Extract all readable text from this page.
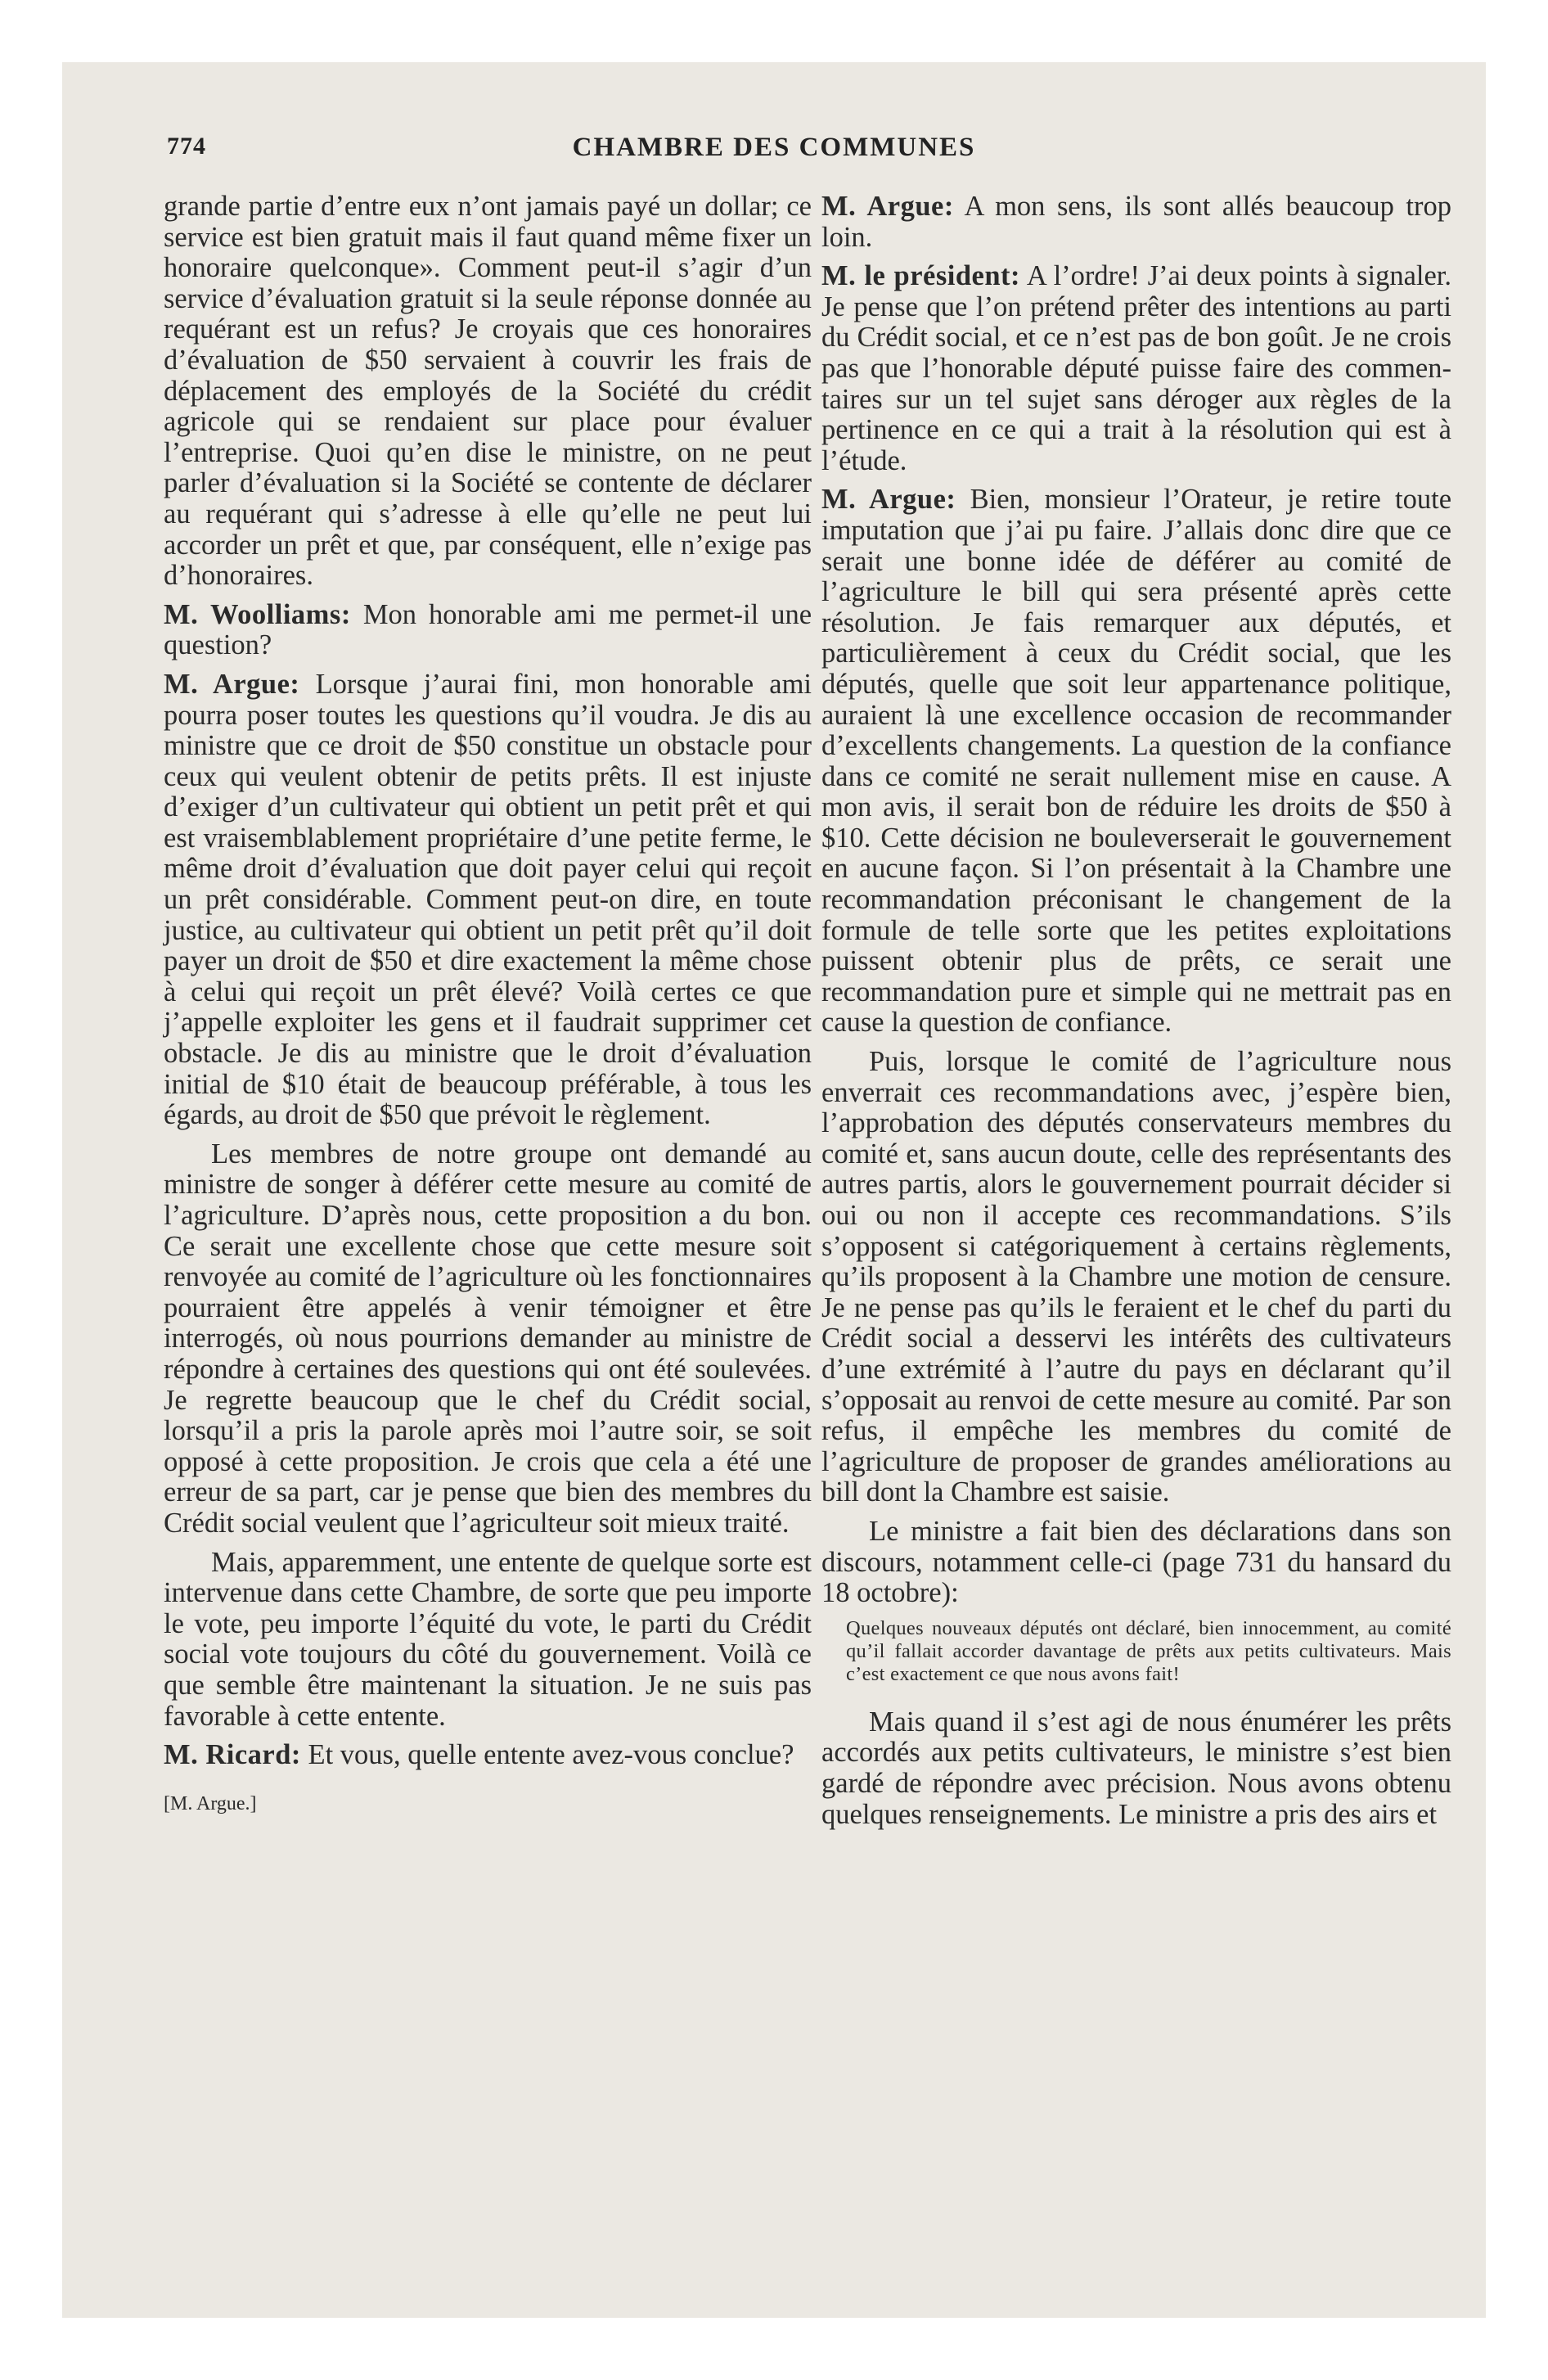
774	CHAMBRE DES COMMUNES

grande partie d’entre eux n’ont jamais payé un dollar; ce service est bien gratuit mais il faut quand même fixer un honoraire quelconque». Comment peut-il s’agir d’un service d’évaluation gratuit si la seule réponse donnée au requérant est un refus? Je croyais que ces honoraires d’évaluation de $50 servaient à couvrir les frais de déplacement des employés de la Société du crédit agricole qui se rendaient sur place pour évaluer l’entreprise. Quoi qu’en dise le ministre, on ne peut parler d’évaluation si la Société se contente de déclarer au requérant qui s’adresse à elle qu’elle ne peut lui accorder un prêt et que, par conséquent, elle n’exige pas d’honoraires.

M. Woolliams: Mon honorable ami me permet-il une question?

M. Argue: Lorsque j’aurai fini, mon honorable ami pourra poser toutes les questions qu’il voudra. Je dis au ministre que ce droit de $50 constitue un obstacle pour ceux qui veulent obtenir de petits prêts. Il est injuste d’exiger d’un cultivateur qui obtient un petit prêt et qui est vraisemblablement propriétaire d’une petite ferme, le même droit d’évaluation que doit payer celui qui reçoit un prêt considérable. Comment peut-on dire, en toute justice, au cultivateur qui obtient un petit prêt qu’il doit payer un droit de $50 et dire exactement la même chose à celui qui reçoit un prêt élevé? Voilà certes ce que j’appelle exploiter les gens et il faudrait supprimer cet obstacle. Je dis au ministre que le droit d’évaluation initial de $10 était de beaucoup préférable, à tous les égards, au droit de $50 que prévoit le règlement.

Les membres de notre groupe ont demandé au ministre de songer à déférer cette mesure au comité de l’agriculture. D’après nous, cette proposition a du bon. Ce serait une excellente chose que cette mesure soit renvoyée au comité de l’agriculture où les fonctionnaires pourraient être appelés à venir témoigner et être interrogés, où nous pourrions demander au ministre de répondre à certaines des questions qui ont été soulevées. Je regrette beaucoup que le chef du Crédit social, lorsqu’il a pris la parole après moi l’autre soir, se soit opposé à cette proposition. Je crois que cela a été une erreur de sa part, car je pense que bien des membres du Crédit social veulent que l’agriculteur soit mieux traité.

Mais, apparemment, une entente de quelque sorte est intervenue dans cette Chambre, de sorte que peu importe le vote, peu importe l’équité du vote, le parti du Crédit social vote toujours du côté du gouvernement. Voilà ce que semble être maintenant la situation. Je ne suis pas favorable à cette entente.

M. Ricard: Et vous, quelle entente avez-vous conclue?

[M. Argue.]

M. Argue: A mon sens, ils sont allés beaucoup trop loin.

M. le président: A l’ordre! J’ai deux points à signaler. Je pense que l’on prétend prêter des intentions au parti du Crédit social, et ce n’est pas de bon goût. Je ne crois pas que l’honorable député puisse faire des commentaires sur un tel sujet sans déroger aux règles de la pertinence en ce qui a trait à la résolution qui est à l’étude.

M. Argue: Bien, monsieur l’Orateur, je retire toute imputation que j’ai pu faire. J’allais donc dire que ce serait une bonne idée de déférer au comité de l’agriculture le bill qui sera présenté après cette résolution. Je fais remarquer aux députés, et particulièrement à ceux du Crédit social, que les députés, quelle que soit leur appartenance politique, auraient là une excellence occasion de recommander d’excellents changements. La question de la confiance dans ce comité ne serait nullement mise en cause. A mon avis, il serait bon de réduire les droits de $50 à $10. Cette décision ne bouleverserait le gouvernement en aucune façon. Si l’on présentait à la Chambre une recommandation préconisant le changement de la formule de telle sorte que les petites exploitations puissent obtenir plus de prêts, ce serait une recommandation pure et simple qui ne mettrait pas en cause la question de confiance.

Puis, lorsque le comité de l’agriculture nous enverrait ces recommandations avec, j’espère bien, l’approbation des députés conservateurs membres du comité et, sans aucun doute, celle des représentants des autres partis, alors le gouvernement pourrait décider si oui ou non il accepte ces recommandations. S’ils s’opposent si catégoriquement à certains règlements, qu’ils proposent à la Chambre une motion de censure. Je ne pense pas qu’ils le feraient et le chef du parti du Crédit social a desservi les intérêts des cultivateurs d’une extrémité à l’autre du pays en déclarant qu’il s’opposait au renvoi de cette mesure au comité. Par son refus, il empêche les membres du comité de l’agriculture de proposer de grandes améliorations au bill dont la Chambre est saisie.

Le ministre a fait bien des déclarations dans son discours, notamment celle-ci (page 731 du hansard du 18 octobre):

Quelques nouveaux députés ont déclaré, bien innocemment, au comité qu’il fallait accorder davantage de prêts aux petits cultivateurs. Mais c’est exactement ce que nous avons fait!

Mais quand il s’est agi de nous énumérer les prêts accordés aux petits cultivateurs, le ministre s’est bien gardé de répondre avec précision. Nous avons obtenu quelques renseignements. Le ministre a pris des airs et
